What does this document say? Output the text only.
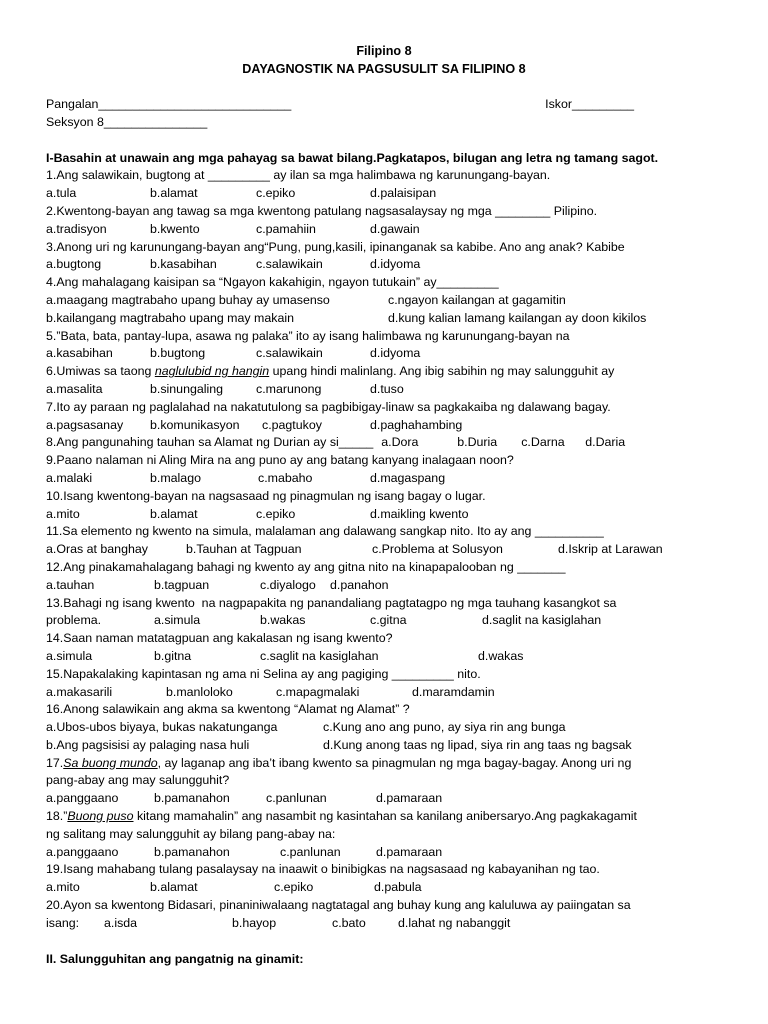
Filipino 8
DAYAGNOSTIK NA PAGSUSULIT SA FILIPINO 8
Pangalan____________________________	Iskor_________
Seksyon 8_______________
I-Basahin at unawain ang mga pahayag sa bawat bilang.Pagkatapos, bilugan ang letra ng tamang sagot.
1.Ang salawikain, bugtong at _________ ay ilan sa mga halimbawa ng karunungang-bayan.
a.tula	b.alamat	c.epiko	d.palaisipan
2.Kwentong-bayan ang tawag sa mga kwentong patulang nagsasalaysay ng mga ________ Pilipino.
a.tradisyon	b.kwento	c.pamahiin	d.gawain
3.Anong uri ng karunungang-bayan ang“Pung, pung,kasili, ipinanganak sa kabibe. Ano ang anak? Kabibe
a.bugtong	b.kasabihan	c.salawikain	d.idyoma
4.Ang mahalagang kaisipan sa “Ngayon kakahigin, ngayon tutukain” ay_________
a.maagang magtrabaho upang buhay ay umasenso	c.ngayon kailangan at gagamitin
b.kailangang magtrabaho upang may makain	d.kung kalian lamang kailangan ay doon kikilos
5.”Bata, bata, pantay-lupa, asawa ng palaka” ito ay isang halimbawa ng karunungang-bayan na
a.kasabihan	b.bugtong	c.salawikain	d.idyoma
6.Umiwas sa taong naglulubid ng hangin upang hindi malinlang. Ang ibig sabihin ng may salungguhit ay
a.masalita	b.sinungaling	c.marunong	d.tuso
7.Ito ay paraan ng paglalahad na nakatutulong sa pagbibigay-linaw sa pagkakaiba ng dalawang bagay.
a.pagsasanay	b.komunikasyon	c.pagtukoy	d.paghahambing
8.Ang pangunahing tauhan sa Alamat ng Durian ay si_____ a.Dora	b.Duria	c.Darna	d.Daria
9.Paano nalaman ni Aling Mira na ang puno ay ang batang kanyang inalagaan noon?
a.malaki	b.malago	c.mabaho	d.magaspang
10.Isang kwentong-bayan na nagsasaad ng pinagmulan ng isang bagay o lugar.
a.mito	b.alamat	c.epiko	d.maikling kwento
11.Sa elemento ng kwento na simula, malalaman ang dalawang sangkap nito. Ito ay ang __________
a.Oras at banghay	b.Tauhan at Tagpuan	c.Problema at Solusyon	d.Iskrip at Larawan
12.Ang pinakamahalagang bahagi ng kwento ay ang gitna nito na kinapapalooban ng _______
a.tauhan	b.tagpuan	c.diyalogo	d.panahon
13.Bahagi ng isang kwento  na nagpapakita ng panandaliang pagtatagpo ng mga tauhang kasangkot sa
problema.	a.simula	b.wakas	c.gitna	d.saglit na kasiglahan
14.Saan naman matatagpuan ang kakalasan ng isang kwento?
a.simula	b.gitna	c.saglit na kasiglahan	d.wakas
15.Napakalaking kapintasan ng ama ni Selina ay ang pagiging _________ nito.
a.makasarili	b.manloloko	c.mapagmalaki	d.maramdamin
16.Anong salawikain ang akma sa kwentong “Alamat ng Alamat” ?
a.Ubos-ubos biyaya, bukas nakatunganga	c.Kung ano ang puno, ay siya rin ang bunga
b.Ang pagsisisi ay palaging nasa huli	d.Kung anong taas ng lipad, siya rin ang taas ng bagsak
17.Sa buong mundo, ay laganap ang iba’t ibang kwento sa pinagmulan ng mga bagay-bagay. Anong uri ng
pang-abay ang may salungguhit?
a.panggaano	b.pamanahon	c.panlunan	d.pamaraan
18.”Buong puso kitang mamahalin” ang nasambit ng kasintahan sa kanilang anibersaryo.Ang pagkakagamit
ng salitang may salungguhit ay bilang pang-abay na:
a.panggaano	b.pamanahon	c.panlunan	d.pamaraan
19.Isang mahabang tulang pasalaysay na inaawit o binibigkas na nagsasaad ng kabayanihan ng tao.
a.mito	b.alamat	c.epiko	d.pabula
20.Ayon sa kwentong Bidasari, pinaniniwalaang nagtatagal ang buhay kung ang kaluluwa ay paiingatan sa
isang:	a.isda	b.hayop	c.bato	d.lahat ng nabanggit
II. Salungguhitan ang pangatnig na ginamit:
